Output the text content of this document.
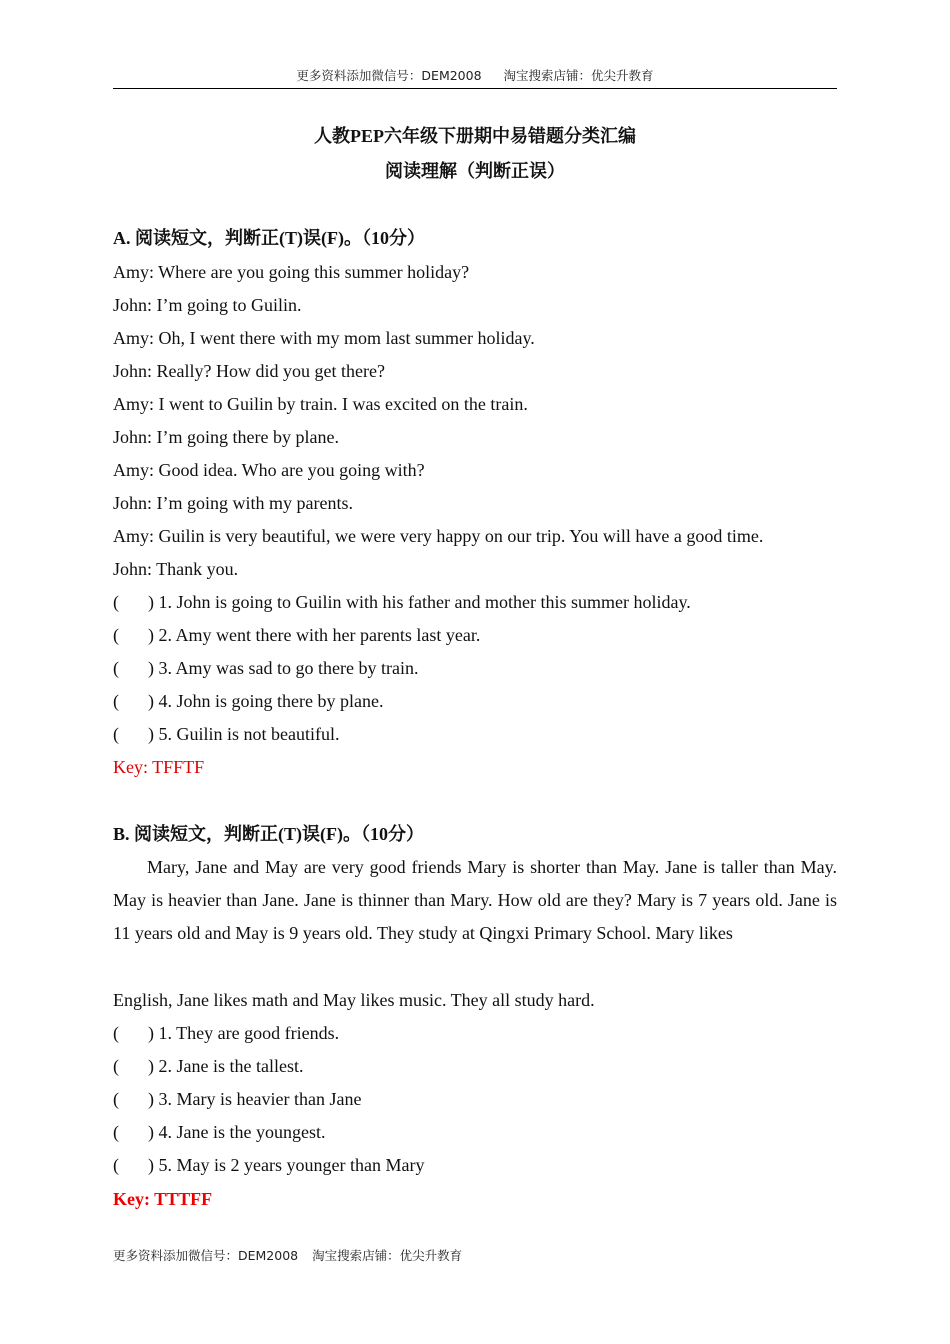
更多资料添加微信号：DEM2008 淘宝搜索店铺：优尖升教育
人教PEP六年级下册期中易错题分类汇编
阅读理解（判断正误）
A. 阅读短文，判断正(T)误(F)。（10分）
Amy: Where are you going this summer holiday?
John: I’m going to Guilin.
Amy: Oh, I went there with my mom last summer holiday.
John: Really? How did you get there?
Amy: I went to Guilin by train. I was excited on the train.
John: I’m going there by plane.
Amy: Good idea. Who are you going with?
John: I’m going with my parents.
Amy: Guilin is very beautiful, we were very happy on our trip. You will have a good time.
John: Thank you.
( ) 1. John is going to Guilin with his father and mother this summer holiday.
( ) 2. Amy went there with her parents last year.
( ) 3. Amy was sad to go there by train.
( ) 4. John is going there by plane.
( ) 5. Guilin is not beautiful.
Key: TFFTF
B. 阅读短文，判断正(T)误(F)。（10分）
Mary, Jane and May are very good friends Mary is shorter than May. Jane is taller than May. May is heavier than Jane. Jane is thinner than Mary. How old are they? Mary is 7 years old. Jane is 11 years old and May is 9 years old. They study at Qingxi Primary School. Mary likes
English, Jane likes math and May likes music. They all study hard.
( ) 1. They are good friends.
( ) 2. Jane is the tallest.
( ) 3. Mary is heavier than Jane
( ) 4. Jane is the youngest.
( ) 5. May is 2 years younger than Mary
Key: TTTFF
更多资料添加微信号：DEM2008 淘宝搜索店铺：优尖升教育
